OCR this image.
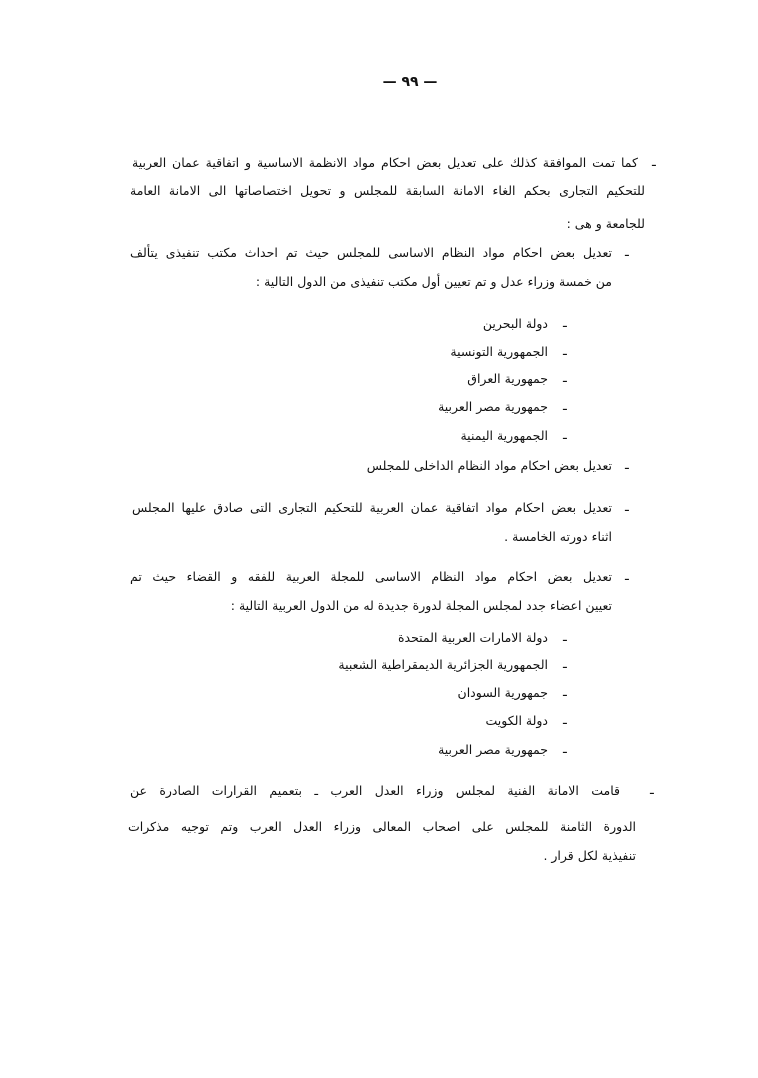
— ٩٩ —
ـ
كما تمت الموافقة كذلك على تعديل بعض احكام مواد الانظمة الاساسية و اتفاقية عمان العربية
للتحكيم التجارى بحكم الغاء الامانة السابقة للمجلس و تحويل اختصاصاتها الى الامانة العامة
للجامعة و هى :
ـ
تعديل بعض احكام مواد النظام الاساسى للمجلس حيث تم احداث مكتب تنفيذى يتألف
من خمسة وزراء عدل و تم تعيين أول مكتب تنفيذى من الدول التالية :
ـ
دولة البحرين
ـ
الجمهورية التونسية
ـ
جمهورية العراق
ـ
جمهورية مصر العربية
ـ
الجمهورية اليمنية
ـ
تعديل بعض احكام مواد النظام الداخلى للمجلس
ـ
تعديل بعض احكام مواد اتفاقية عمان العربية للتحكيم التجارى التى صادق عليها المجلس
اثناء دورته الخامسة .
ـ
تعديل بعض احكام مواد النظام الاساسى للمجلة العربية للفقه و القضاء حيث تم
تعيين اعضاء جدد لمجلس المجلة لدورة جديدة له من الدول العربية التالية :
ـ
دولة الامارات العربية المتحدة
ـ
الجمهورية الجزائرية الديمقراطية الشعبية
ـ
جمهورية السودان
ـ
دولة الكويت
ـ
جمهورية مصر العربية
ـ
قامت الامانة الفنية لمجلس وزراء العدل العرب ـ بتعميم القرارات الصادرة عن
الدورة الثامنة للمجلس على اصحاب المعالى وزراء العدل العرب وتم توجيه مذكرات
تنفيذية لكل قرار .
